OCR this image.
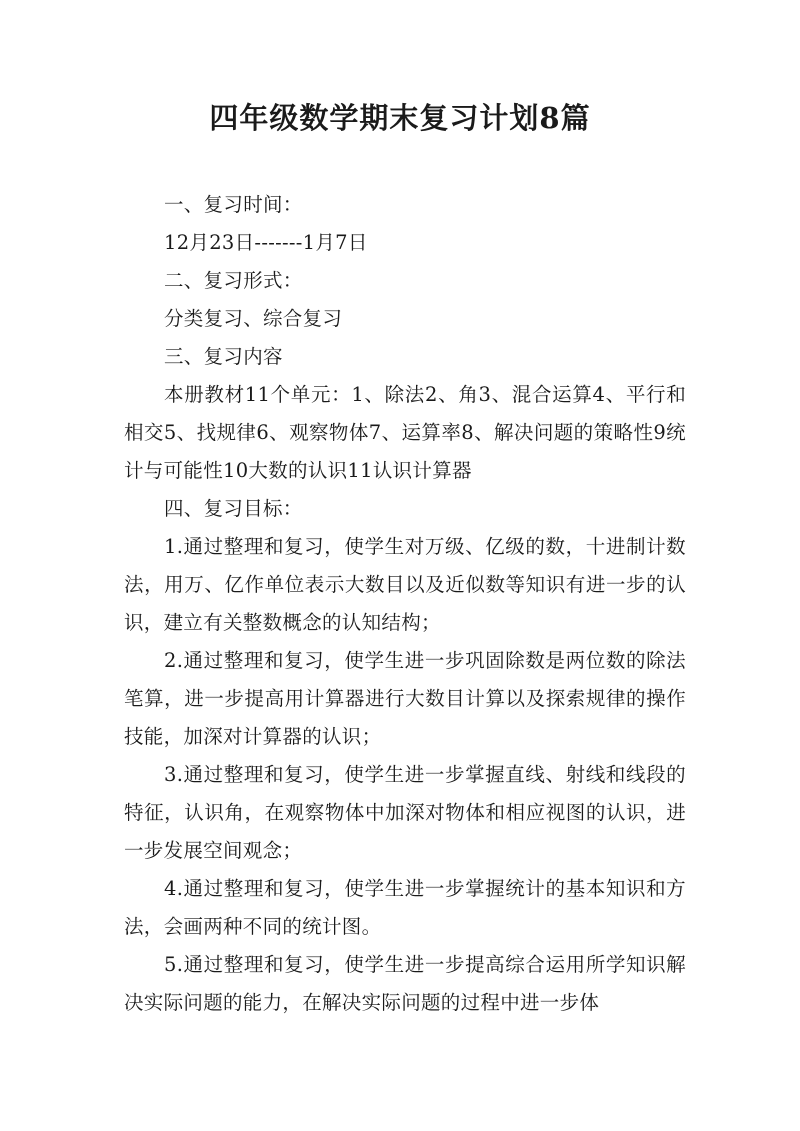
四年级数学期末复习计划8篇

一、复习时间：

12月23日-------1月7日

二、复习形式：

分类复习、综合复习

三、复习内容

本册教材11个单元：1、除法2、角3、混合运算4、平行和相交5、找规律6、观察物体7、运算率8、解决问题的策略性9统计与可能性10大数的认识11认识计算器

四、复习目标：

1.通过整理和复习，使学生对万级、亿级的数，十进制计数法，用万、亿作单位表示大数目以及近似数等知识有进一步的认识，建立有关整数概念的认知结构；

2.通过整理和复习，使学生进一步巩固除数是两位数的除法笔算，进一步提高用计算器进行大数目计算以及探索规律的操作技能，加深对计算器的认识；

3.通过整理和复习，使学生进一步掌握直线、射线和线段的特征，认识角，在观察物体中加深对物体和相应视图的认识，进一步发展空间观念；

4.通过整理和复习，使学生进一步掌握统计的基本知识和方法，会画两种不同的统计图。

5.通过整理和复习，使学生进一步提高综合运用所学知识解决实际问题的能力，在解决实际问题的过程中进一步体
